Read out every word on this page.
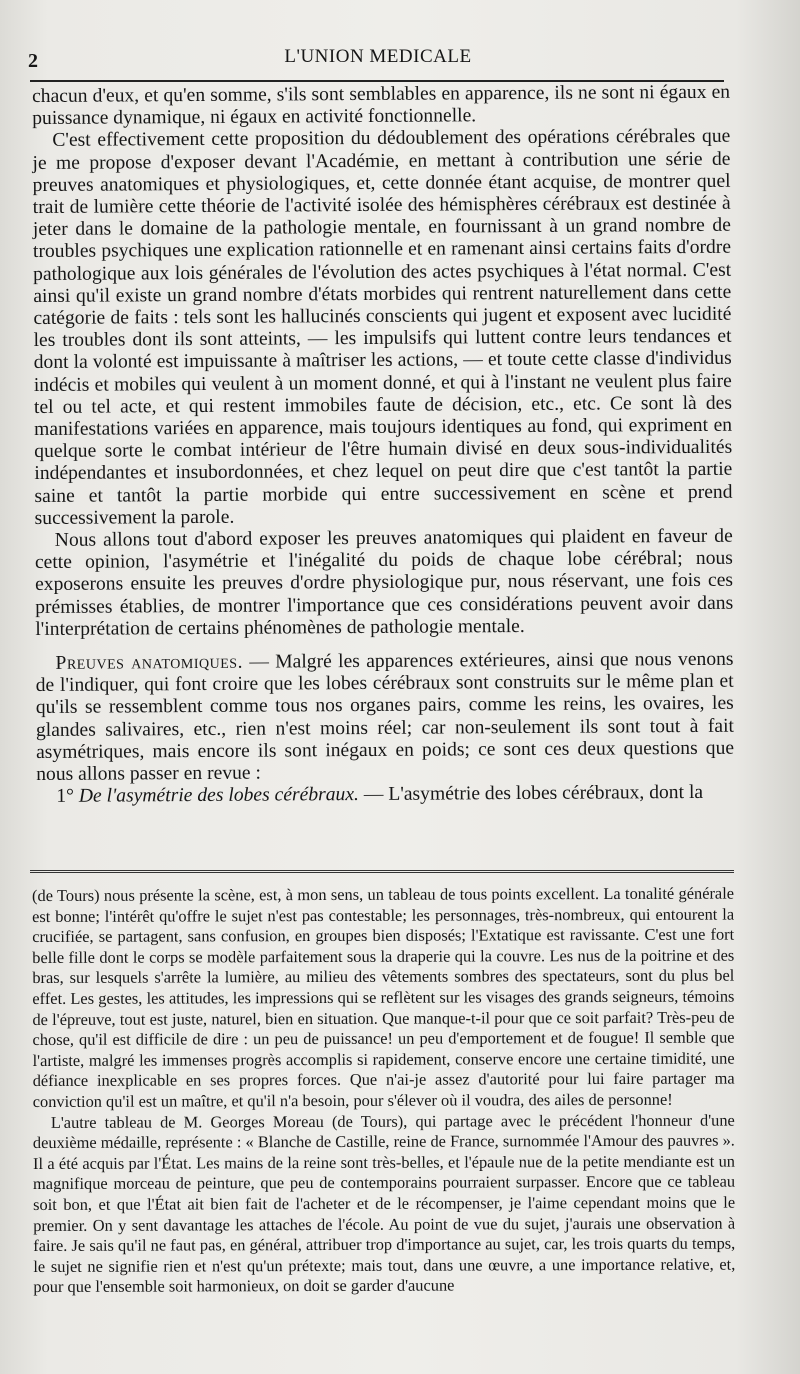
2	L'UNION MEDICALE

chacun d'eux, et qu'en somme, s'ils sont semblables en apparence, ils ne sont ni égaux en puissance dynamique, ni égaux en activité fonctionnelle.

C'est effectivement cette proposition du dédoublement des opérations cérébrales que je me propose d'exposer devant l'Académie, en mettant à contribution une série de preuves anatomiques et physiologiques, et, cette donnée étant acquise, de montrer quel trait de lumière cette théorie de l'activité isolée des hémisphères cérébraux est destinée à jeter dans le domaine de la pathologie mentale, en fournissant à un grand nombre de troubles psychiques une explication rationnelle et en ramenant ainsi certains faits d'ordre pathologique aux lois générales de l'évolution des actes psychiques à l'état normal. C'est ainsi qu'il existe un grand nombre d'états morbides qui rentrent naturellement dans cette catégorie de faits : tels sont les hallucinés conscients qui jugent et exposent avec lucidité les troubles dont ils sont atteints, — les impulsifs qui luttent contre leurs tendances et dont la volonté est impuissante à maîtriser les actions, — et toute cette classe d'individus indécis et mobiles qui veulent à un moment donné, et qui à l'instant ne veulent plus faire tel ou tel acte, et qui restent immobiles faute de décision, etc., etc. Ce sont là des manifestations variées en apparence, mais toujours identiques au fond, qui expriment en quelque sorte le combat intérieur de l'être humain divisé en deux sous-individualités indépendantes et insubordonnées, et chez lequel on peut dire que c'est tantôt la partie saine et tantôt la partie morbide qui entre successivement en scène et prend successivement la parole.

Nous allons tout d'abord exposer les preuves anatomiques qui plaident en faveur de cette opinion, l'asymétrie et l'inégalité du poids de chaque lobe cérébral; nous exposerons ensuite les preuves d'ordre physiologique pur, nous réservant, une fois ces prémisses établies, de montrer l'importance que ces considérations peuvent avoir dans l'interprétation de certains phénomènes de pathologie mentale.

Preuves anatomiques. — Malgré les apparences extérieures, ainsi que nous venons de l'indiquer, qui font croire que les lobes cérébraux sont construits sur le même plan et qu'ils se ressemblent comme tous nos organes pairs, comme les reins, les ovaires, les glandes salivaires, etc., rien n'est moins réel; car non-seulement ils sont tout à fait asymétriques, mais encore ils sont inégaux en poids; ce sont ces deux questions que nous allons passer en revue :

1° De l'asymétrie des lobes cérébraux. — L'asymétrie des lobes cérébraux, dont la

(de Tours) nous présente la scène, est, à mon sens, un tableau de tous points excellent. La tonalité générale est bonne; l'intérêt qu'offre le sujet n'est pas contestable; les personnages, très-nombreux, qui entourent la crucifiée, se partagent, sans confusion, en groupes bien disposés; l'Extatique est ravissante. C'est une fort belle fille dont le corps se modèle parfaitement sous la draperie qui la couvre. Les nus de la poitrine et des bras, sur lesquels s'arrête la lumière, au milieu des vêtements sombres des spectateurs, sont du plus bel effet. Les gestes, les attitudes, les impressions qui se reflètent sur les visages des grands seigneurs, témoins de l'épreuve, tout est juste, naturel, bien en situation. Que manque-t-il pour que ce soit parfait? Très-peu de chose, qu'il est difficile de dire : un peu de puissance! un peu d'emportement et de fougue! Il semble que l'artiste, malgré les immenses progrès accomplis si rapidement, conserve encore une certaine timidité, une défiance inexplicable en ses propres forces. Que n'ai-je assez d'autorité pour lui faire partager ma conviction qu'il est un maître, et qu'il n'a besoin, pour s'élever où il voudra, des ailes de personne!

L'autre tableau de M. Georges Moreau (de Tours), qui partage avec le précédent l'honneur d'une deuxième médaille, représente : « Blanche de Castille, reine de France, surnommée l'Amour des pauvres ». Il a été acquis par l'État. Les mains de la reine sont très-belles, et l'épaule nue de la petite mendiante est un magnifique morceau de peinture, que peu de contemporains pourraient surpasser. Encore que ce tableau soit bon, et que l'État ait bien fait de l'acheter et de le récompenser, je l'aime cependant moins que le premier. On y sent davantage les attaches de l'école. Au point de vue du sujet, j'aurais une observation à faire. Je sais qu'il ne faut pas, en général, attribuer trop d'importance au sujet, car, les trois quarts du temps, le sujet ne signifie rien et n'est qu'un prétexte; mais tout, dans une œuvre, a une importance relative, et, pour que l'ensemble soit harmonieux, on doit se garder d'aucune
